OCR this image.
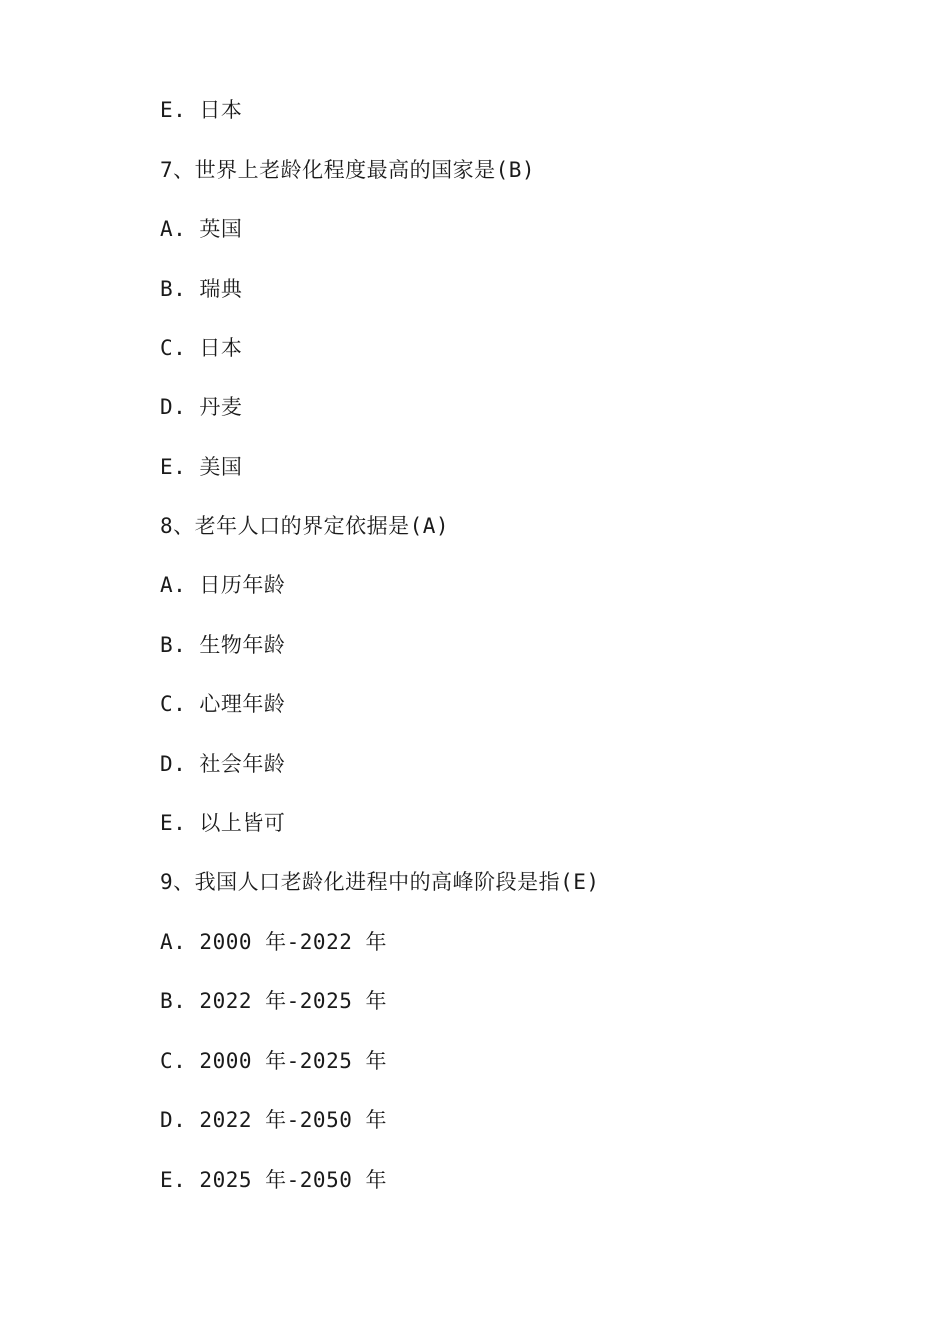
E. 日本
7、世界上老龄化程度最高的国家是(B)
A. 英国
B. 瑞典
C. 日本
D. 丹麦
E. 美国
8、老年人口的界定依据是(A)
A. 日历年龄
B. 生物年龄
C. 心理年龄
D. 社会年龄
E. 以上皆可
9、我国人口老龄化进程中的高峰阶段是指(E)
A. 2000 年-2022 年
B. 2022 年-2025 年
C. 2000 年-2025 年
D. 2022 年-2050 年
E. 2025 年-2050 年
